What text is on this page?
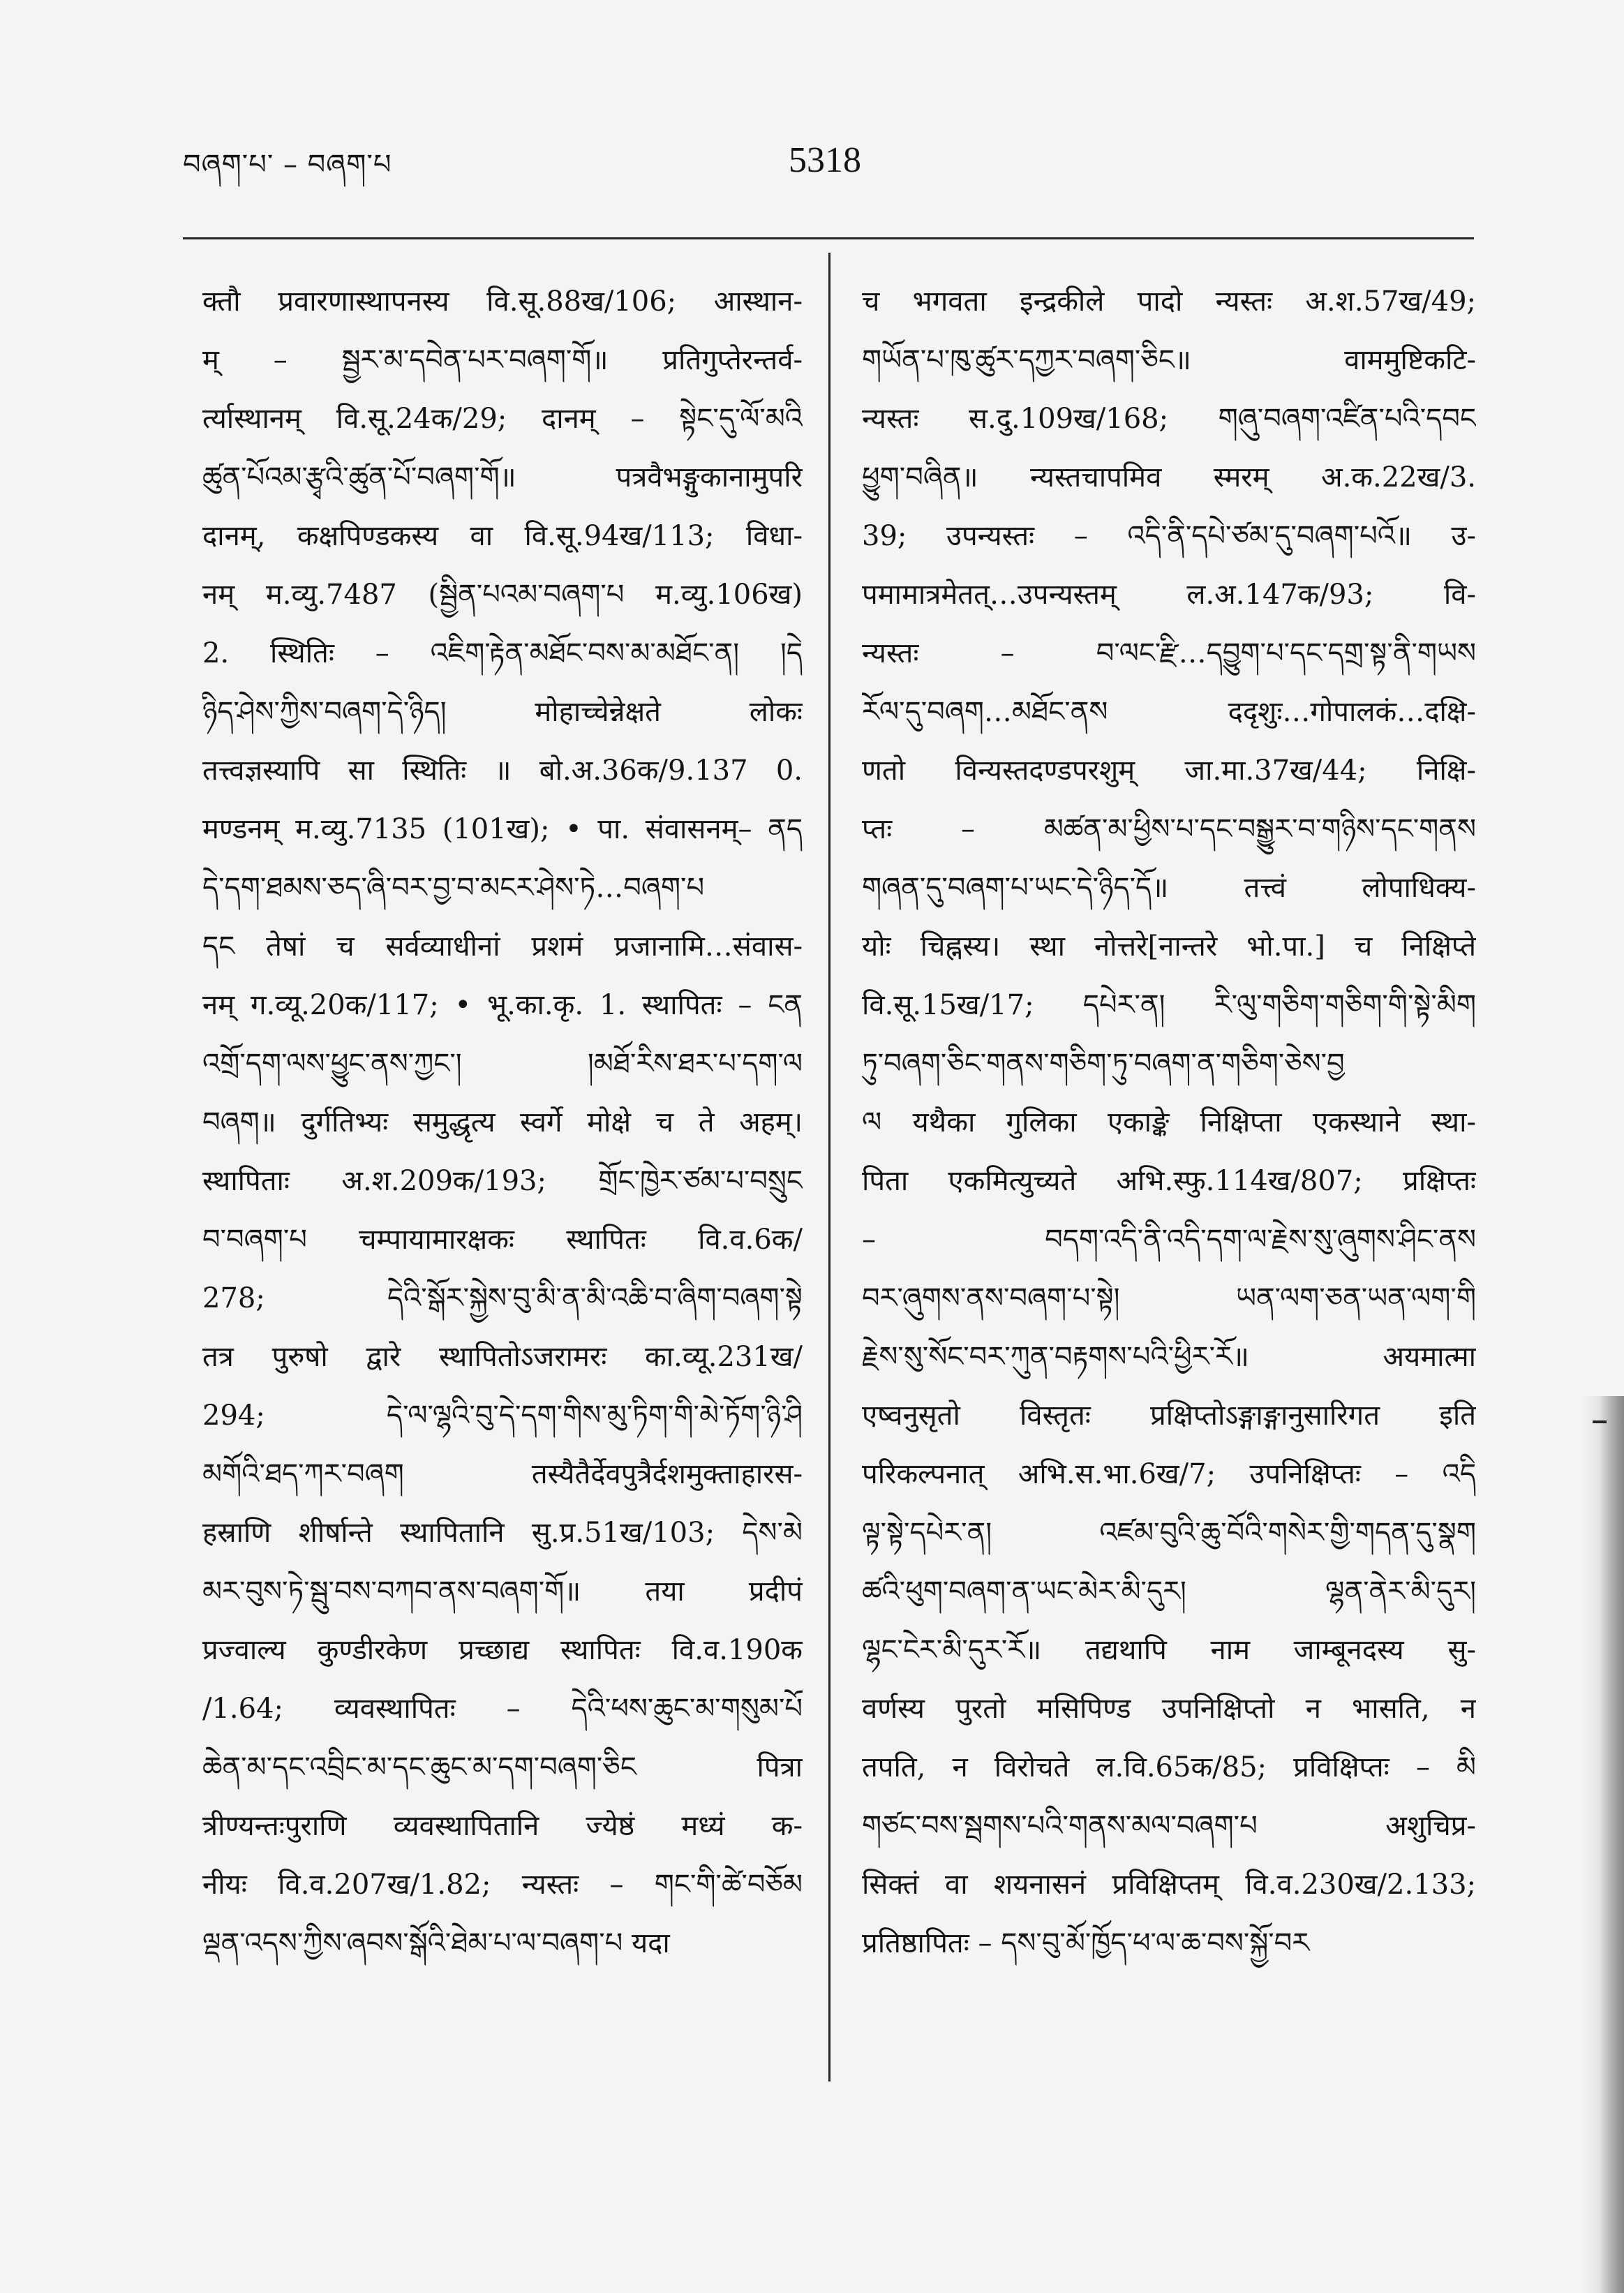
བཞག་པ་ – བཞག་པ	5318
क्तौ प्रवारणास्थापनस्य वि.सू.88ख/106; आस्थान-
म् – སྦྱར་མ་དབེན་པར་བཞག་གོ॥ प्रतिगुप्तेरन्तर्व-
र्त्यास्थानम् वि.सू.24क/29; दानम् – སྟེང་དུ་ལོ་མའི
ཚུན་པོའམ་རྩྭའི་ཚུན་པོ་བཞག་གོ॥ पत्रवैभङ्गुकानामुपरि
दानम्, कक्षपिण्डकस्य वा वि.सू.94ख/113; विधा-
नम् म.व्यु.7487 (སྦྱིན་པའམ་བཞག་པ म.व्यु.106ख)
2. स्थितिः – འཇིག་རྟེན་མཐོང་བས་མ་མཐོང་ན། །དེ
ཉིད་ཤེས་ཀྱིས་བཞག་དེ་ཉིད། मोहाच्चेन्नेक्षते लोकः
तत्त्वज्ञस्यापि सा स्थितिः ॥ बो.अ.36क/9.137 0.
मण्डनम् म.व्यु.7135 (101ख); • पा. संवासनम्– ནད
དེ་དག་ཐམས་ཅད་ཞི་བར་བྱ་བ་མངར་ཤེས་ཏེ…བཞག་པ
དང तेषां च सर्वव्याधीनां प्रशमं प्रजानामि…संवास-
नम् ग.व्यू.20क/117; • भू.का.कृ. 1. स्थापितः – ངན
འགྲོ་དག་ལས་ཕྱུང་ནས་ཀྱང་། །མཐོ་རིས་ཐར་པ་དག་ལ
བཞག॥ दुर्गतिभ्यः समुद्धृत्य स्वर्गे मोक्षे च ते अहम्।
स्थापिताः अ.श.209क/193; གྲོང་ཁྱེར་ཙམ་པ་བསྲུང
བ་བཞག་པ चम्पायामारक्षकः स्थापितः वि.व.6क/
278; དེའི་སྒོར་སྐྱེས་བུ་མི་ན་མི་འཆི་བ་ཞིག་བཞག་སྟེ
तत्र पुरुषो द्वारे स्थापितोऽजरामरः का.व्यू.231ख/
294; དེ་ལ་ལྷའི་བུ་དེ་དག་གིས་མུ་ཏིག་གི་མེ་ཏོག་ཉི་ཤི
མགོའི་ཐད་ཀར་བཞག तस्यैतैर्देवपुत्रैर्दशमुक्ताहारस-
हस्राणि शीर्षान्ते स्थापितानि सु.प्र.51ख/103; དེས་མེ
མར་བུས་ཏེ་སྦུ་བས་བཀབ་ནས་བཞག་གོ॥ तया प्रदीपं
प्रज्वाल्य कुण्डीरकेण प्रच्छाद्य स्थापितः वि.व.190क
/1.64; व्यवस्थापितः – དེའི་ཕས་ཆུང་མ་གསུམ་པོ
ཆེན་མ་དང་འབྲིང་མ་དང་ཆུང་མ་དག་བཞག་ཅིང पित्रा
त्रीण्यन्तःपुराणि व्यवस्थापितानि ज्येष्ठं मध्यं क-
नीयः वि.व.207ख/1.82; न्यस्तः – གང་གི་ཚེ་བཅོམ
ལྡན་འདས་ཀྱིས་ཞབས་སྒོའི་ཐེམ་པ་ལ་བཞག་པ यदा
च भगवता इन्द्रकीले पादो न्यस्तः अ.श.57ख/49;
གཡོན་པ་ཁུ་ཚུར་དཀྱར་བཞག་ཅིང॥ वाममुष्टिकटि-
न्यस्तः स.दु.109ख/168; གཞུ་བཞག་འཛིན་པའི་དབང
ཕྱུག་བཞིན॥ न्यस्तचापमिव स्मरम् अ.क.22ख/3.
39; उपन्यस्तः – འདི་ནི་དཔེ་ཙམ་དུ་བཞག་པའོ॥ उ-
पमामात्रमेतत्…उपन्यस्तम् ल.अ.147क/93; वि-
न्यस्तः – བ་ལང་རྫི…དབྱུག་པ་དང་དགྲ་སྟ་ནི་གཡས
རོལ་དུ་བཞག…མཐོང་ནས ददृशुः…गोपालकं…दक्षि-
णतो विन्यस्तदण्डपरशुम् जा.मा.37ख/44; निक्षि-
प्तः – མཚན་མ་ཕྱིས་པ་དང་བསྒྱུར་བ་གཉིས་དང་གནས
གཞན་དུ་བཞག་པ་ཡང་དེ་ཉིད་དོ॥ तत्त्वं लोपाधिक्य-
योः चिह्नस्य। स्था नोत्तरे[नान्तरे भो.पा.] च निक्षिप्ते
वि.सू.15ख/17; དཔེར་ན། རི་ལུ་གཅིག་གཅིག་གི་སྟེ་མིག
ཏུ་བཞག་ཅིང་གནས་གཅིག་ཏུ་བཞག་ན་གཅིག་ཅེས་བྱ
ལ यथैका गुलिका एकाङ्के निक्षिप्ता एकस्थाने स्था-
पिता एकमित्युच्यते अभि.स्फु.114ख/807; प्रक्षिप्तः
– བདག་འདི་ནི་འདི་དག་ལ་རྗེས་སུ་ཞུགས་ཤིང་ནས
བར་ཞུགས་ནས་བཞག་པ་སྟེ། ཡན་ལག་ཅན་ཡན་ལག་གི
རྗེས་སུ་སོང་བར་ཀུན་བརྟགས་པའི་ཕྱིར་རོ॥ अयमात्मा
एष्वनुसृतो विस्तृतः प्रक्षिप्तोऽङ्गाङ्गानुसारिगत इति
परिकल्पनात् अभि.स.भा.6ख/7; उपनिक्षिप्तः – འདི
ལྟ་སྟེ་དཔེར་ན། འཛམ་བུའི་ཆུ་བོའི་གསེར་གྱི་གདན་དུ་སྣག
ཚའི་ཕུག་བཞག་ན་ཡང་མེར་མི་དུར། ལྷན་ནེར་མི་དུར།
ལྷང་ངེར་མི་དུར་རོ॥ तद्यथापि नाम जाम्बूनदस्य सु-
वर्णस्य पुरतो मसिपिण्ड उपनिक्षिप्तो न भासति, न
तपति, न विरोचते ल.वि.65क/85; प्रविक्षिप्तः – མི
གཙང་བས་སྦགས་པའི་གནས་མལ་བཞག་པ अशुचिप्र-
सिक्तं वा शयनासनं प्रविक्षिप्तम् वि.व.230ख/2.133;
प्रतिष्ठापितः – དས་བུ་མོ་ཁྱོད་ཕ་ལ་ཆ་བས་སྐྱོ་བར
